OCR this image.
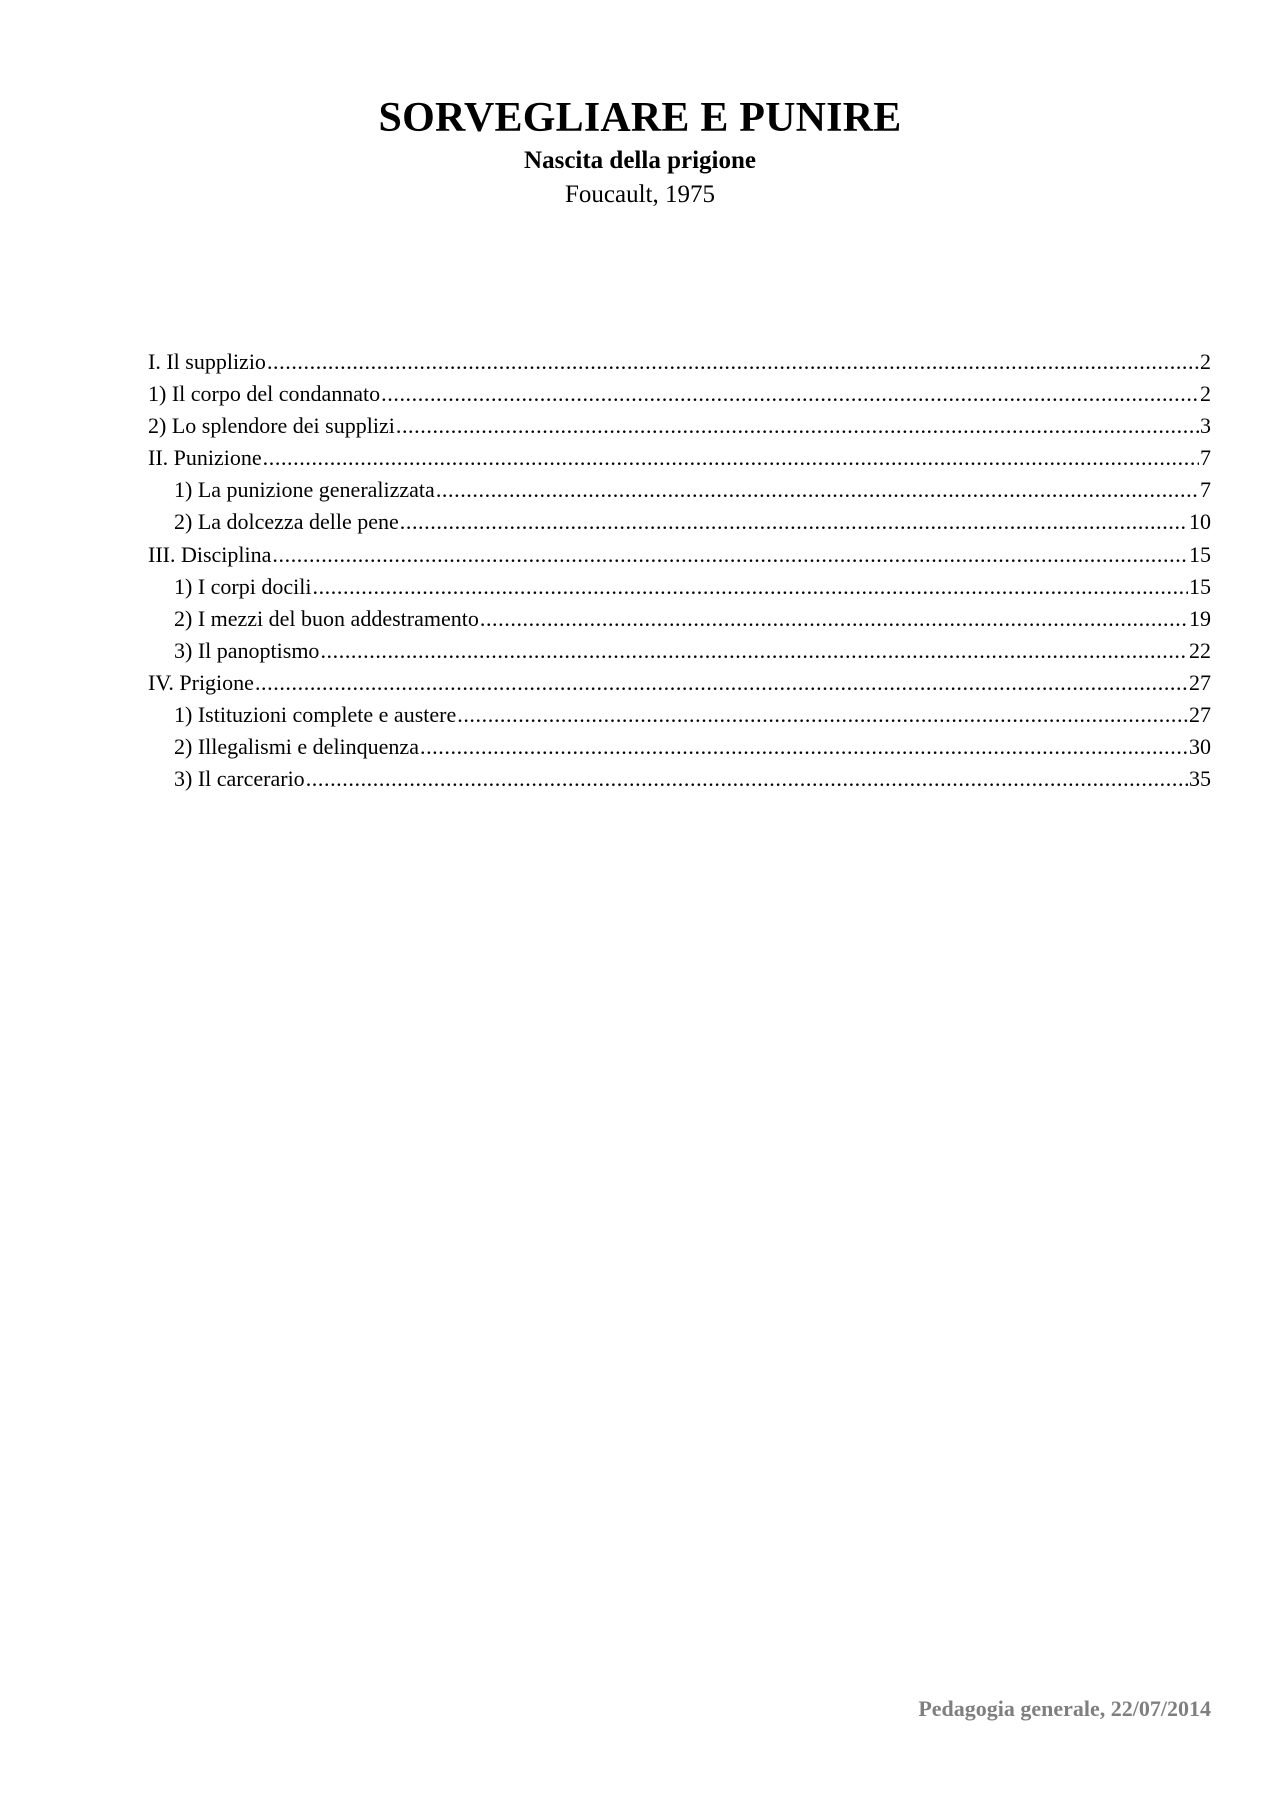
SORVEGLIARE E PUNIRE
Nascita della prigione
Foucault, 1975
I. Il supplizio .....	2
1) Il corpo del condannato .....	2
2) Lo splendore dei supplizi .....	3
II. Punizione .....	7
1) La punizione generalizzata .....	7
2) La dolcezza delle pene .....	10
III. Disciplina .....	15
1) I corpi docili .....	15
2) I mezzi del buon addestramento .....	19
3) Il panoptismo .....	22
IV. Prigione .....	27
1) Istituzioni complete e austere .....	27
2) Illegalismi e delinquenza .....	30
3) Il carcerario .....	35
Pedagogia generale, 22/07/2014
